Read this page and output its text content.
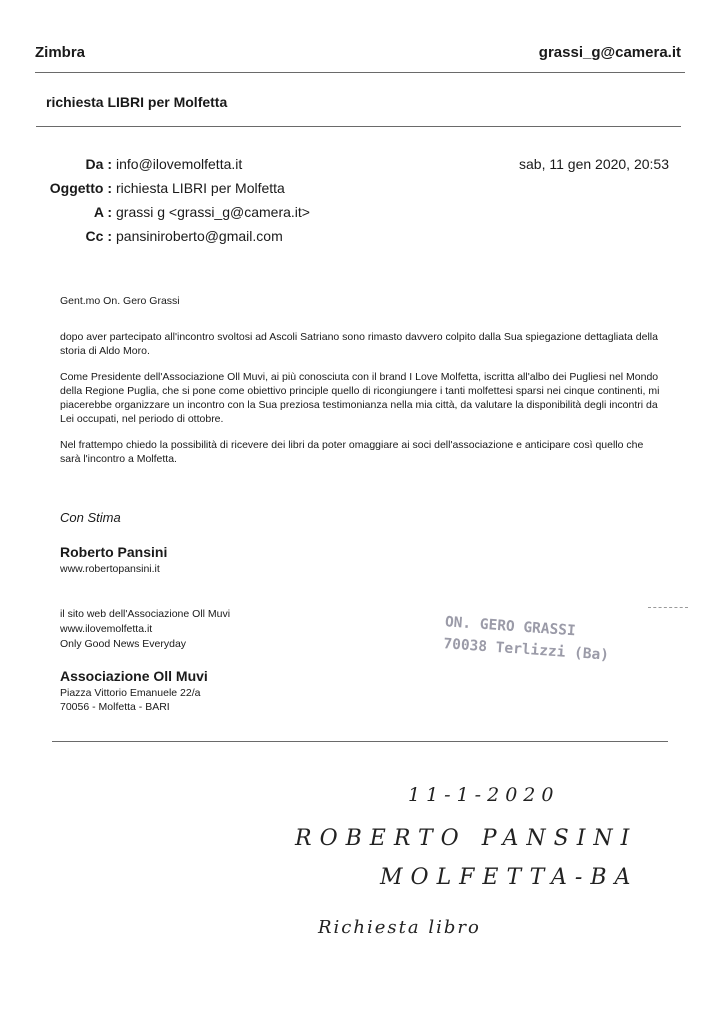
Zimbra	grassi_g@camera.it
richiesta LIBRI per Molfetta
Da : info@ilovemolfetta.it
Oggetto : richiesta LIBRI per Molfetta
A : grassi g <grassi_g@camera.it>
Cc : pansiniroberto@gmail.com
sab, 11 gen 2020, 20:53

Gent.mo On. Gero Grassi

dopo aver partecipato all'incontro svoltosi ad Ascoli Satriano sono rimasto davvero colpito dalla Sua spiegazione dettagliata della storia di Aldo Moro.

Come Presidente dell'Associazione Oll Muvi, ai più conosciuta con il brand I Love Molfetta, iscritta all'albo dei Pugliesi nel Mondo della Regione Puglia, che si pone come obiettivo principle quello di ricongiungere i tanti molfettesi sparsi nei cinque continenti, mi piacerebbe organizzare un incontro con la Sua preziosa testimonianza nella mia città, da valutare la disponibilità degli incontri da Lei occupati, nel periodo di ottobre.

Nel frattempo chiedo la possibilità di ricevere dei libri da poter omaggiare ai soci dell'associazione e anticipare così quello che sarà l'incontro a Molfetta.

Con Stima
Roberto Pansini
www.robertopansini.it
il sito web dell'Associazione Oll Muvi
www.ilovemolfetta.it
Only Good News Everyday
Associazione Oll Muvi
Piazza Vittorio Emanuele 22/a
70056 - Molfetta - BARI
ON. GERO GRASSI
70038 Terlizzi (Ba)
11-1-2020
ROBERTO PANSINI
MOLFETTA-BA
Richiesta libro
